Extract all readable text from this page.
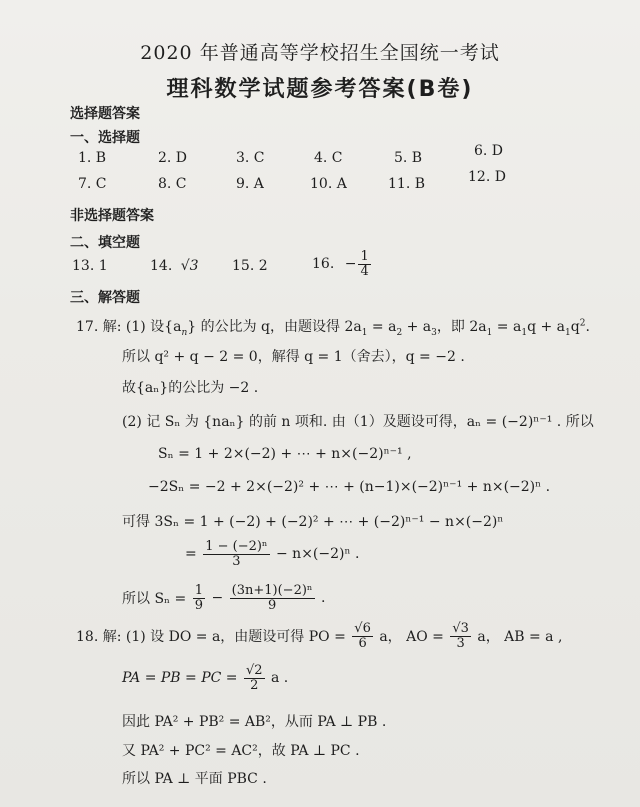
2020 年普通高等学校招生全国统一考试
理科数学试题参考答案(B卷)
选择题答案
一、选择题
1. B	2. D	3. C	4. C	5. B	6. D
7. C	8. C	9. A	10. A	11. B	12. D
非选择题答案
二、填空题
13. 1	14. √3 15. 2	16. − $\frac{1}{4}$
三、解答题
17. 解: (1) 设$\{a_n\}$ 的公比为 q，由题设得 $2a_1 = a_2 + a_3$，即 $2a_1 = a_1q + a_1q^2$.
所以 q² + q − 2 = 0，解得 q = 1（舍去），q = −2 .
故{aₙ}的公比为 −2 .
(2) 记 Sₙ 为 {naₙ} 的前 n 项和. 由（1）及题设可得，aₙ = (−2)ⁿ⁻¹ . 所以
Sₙ = 1 + 2×(−2) + ⋯ + n×(−2)ⁿ⁻¹ ,
−2Sₙ = −2 + 2×(−2)² + ⋯ + (n−1)×(−2)ⁿ⁻¹ + n×(−2)ⁿ .
可得 3Sₙ = 1 + (−2) + (−2)² + ⋯ + (−2)ⁿ⁻¹ − n×(−2)ⁿ
= $\frac{\text{1 − (−2)ⁿ}}{3} - n\times(-2)^n$ .
所以 $S_n = \frac{1}{9} - \frac{\text{(3n+1)(−2)ⁿ}}{9}$ .
18. 解: (1) 设 DO = a，由题设可得 PO = $\frac{√6}{6}$ a， AO = $\frac{√3}{3}$ a， AB = a ,
PA = PB = PC = $\frac{√2}{2}$ a .
因此 PA² + PB² = AB²，从而 PA ⊥ PB .
又 PA² + PC² = AC²，故 PA ⊥ PC .
所以 PA ⊥ 平面 PBC .
